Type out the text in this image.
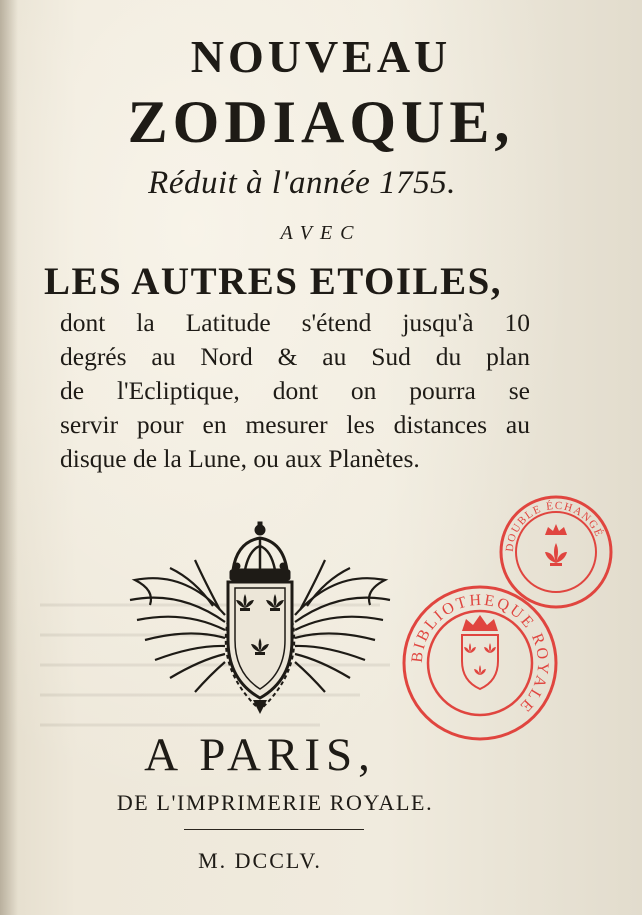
NOUVEAU
ZODIAQUE,

Réduit à l'année 1755.

AVEC

LES AUTRES ETOILES,
dont la Latitude s'étend jusqu'à 10
degrés au Nord & au Sud du plan
de l'Ecliptique, dont on pourra se
servir pour en mesurer les distances au
disque de la Lune, ou aux Planètes.
DOUBLE ÉCHANGÉ
BIBLIOTHEQUE ROYALE

A PARIS,

DE L'IMPRIMERIE ROYALE.

M. DCCLV.
